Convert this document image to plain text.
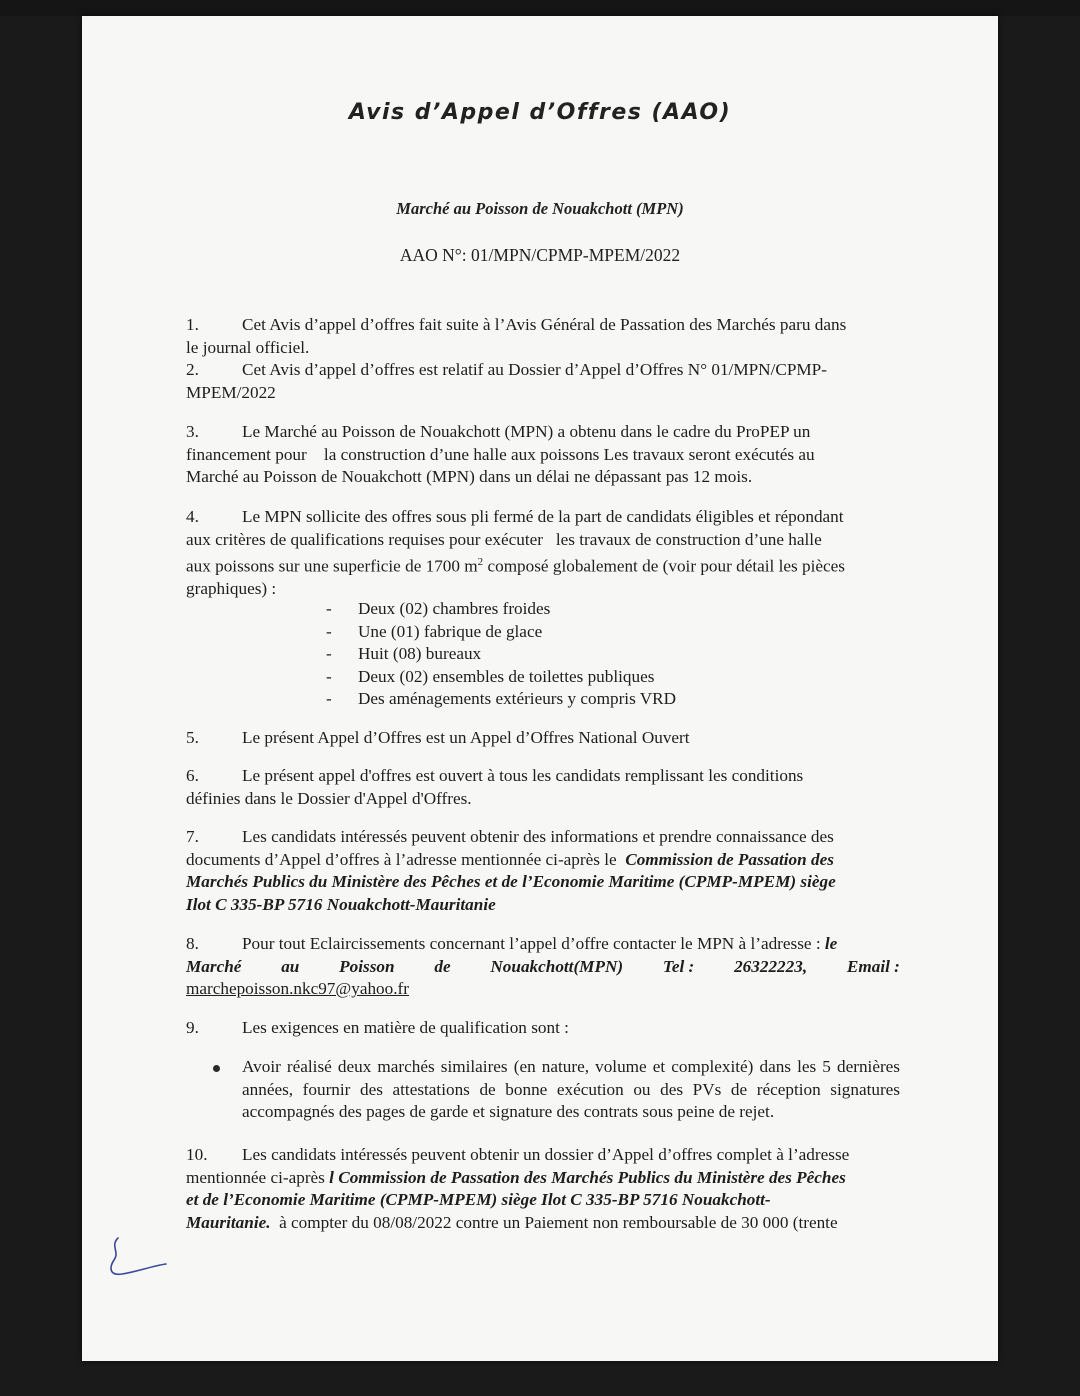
Avis d’Appel d’Offres (AAO)
Marché au Poisson de Nouakchott (MPN)
AAO N°: 01/MPN/CPMP-MPEM/2022
1.	Cet Avis d’appel d’offres fait suite à l’Avis Général de Passation des Marchés paru dans
le journal officiel.
2.	Cet Avis d’appel d’offres est relatif au Dossier d’Appel d’Offres N° 01/MPN/CPMP-
MPEM/2022
3.	Le Marché au Poisson de Nouakchott (MPN) a obtenu dans le cadre du ProPEP un
financement pour    la construction d’une halle aux poissons Les travaux seront exécutés au
Marché au Poisson de Nouakchott (MPN) dans un délai ne dépassant pas 12 mois.
4.	Le MPN sollicite des offres sous pli fermé de la part de candidats éligibles et répondant
aux critères de qualifications requises pour exécuter   les travaux de construction d’une halle
aux poissons sur une superficie de 1700 $m^2$ composé globalement de (voir pour détail les pièces
graphiques) :
- Deux (02) chambres froides
- Une (01) fabrique de glace
- Huit (08) bureaux
- Deux (02) ensembles de toilettes publiques
- Des aménagements extérieurs y compris VRD
5.	Le présent Appel d’Offres est un Appel d’Offres National Ouvert
6.	Le présent appel d'offres est ouvert à tous les candidats remplissant les conditions
définies dans le Dossier d'Appel d'Offres.
7.	Les candidats intéressés peuvent obtenir des informations et prendre connaissance des
documents d’Appel d’offres à l’adresse mentionnée ci-après le  Commission de Passation des
Marchés Publics du Ministère des Pêches et de l’Economie Maritime (CPMP-MPEM) siège
Ilot C 335-BP 5716 Nouakchott-Mauritanie
8.	Pour tout Eclaircissements concernant l’appel d’offre contacter le MPN à l’adresse : le
Marché au Poisson de Nouakchott(MPN) Tel : 26322223, Email :
marchepoisson.nkc97@yahoo.fr
9.	Les exigences en matière de qualification sont :
Avoir réalisé deux marchés similaires (en nature, volume et complexité) dans les 5 dernières années, fournir des attestations de bonne exécution ou des PVs de réception signatures accompagnés des pages de garde et signature des contrats sous peine de rejet.
10. Les candidats intéressés peuvent obtenir un dossier d’Appel d’offres complet à l’adresse
mentionnée ci-après l Commission de Passation des Marchés Publics du Ministère des Pêches
et de l’Economie Maritime (CPMP-MPEM) siège Ilot C 335-BP 5716 Nouakchott-
Mauritanie.  à compter du 08/08/2022 contre un Paiement non remboursable de 30 000 (trente
